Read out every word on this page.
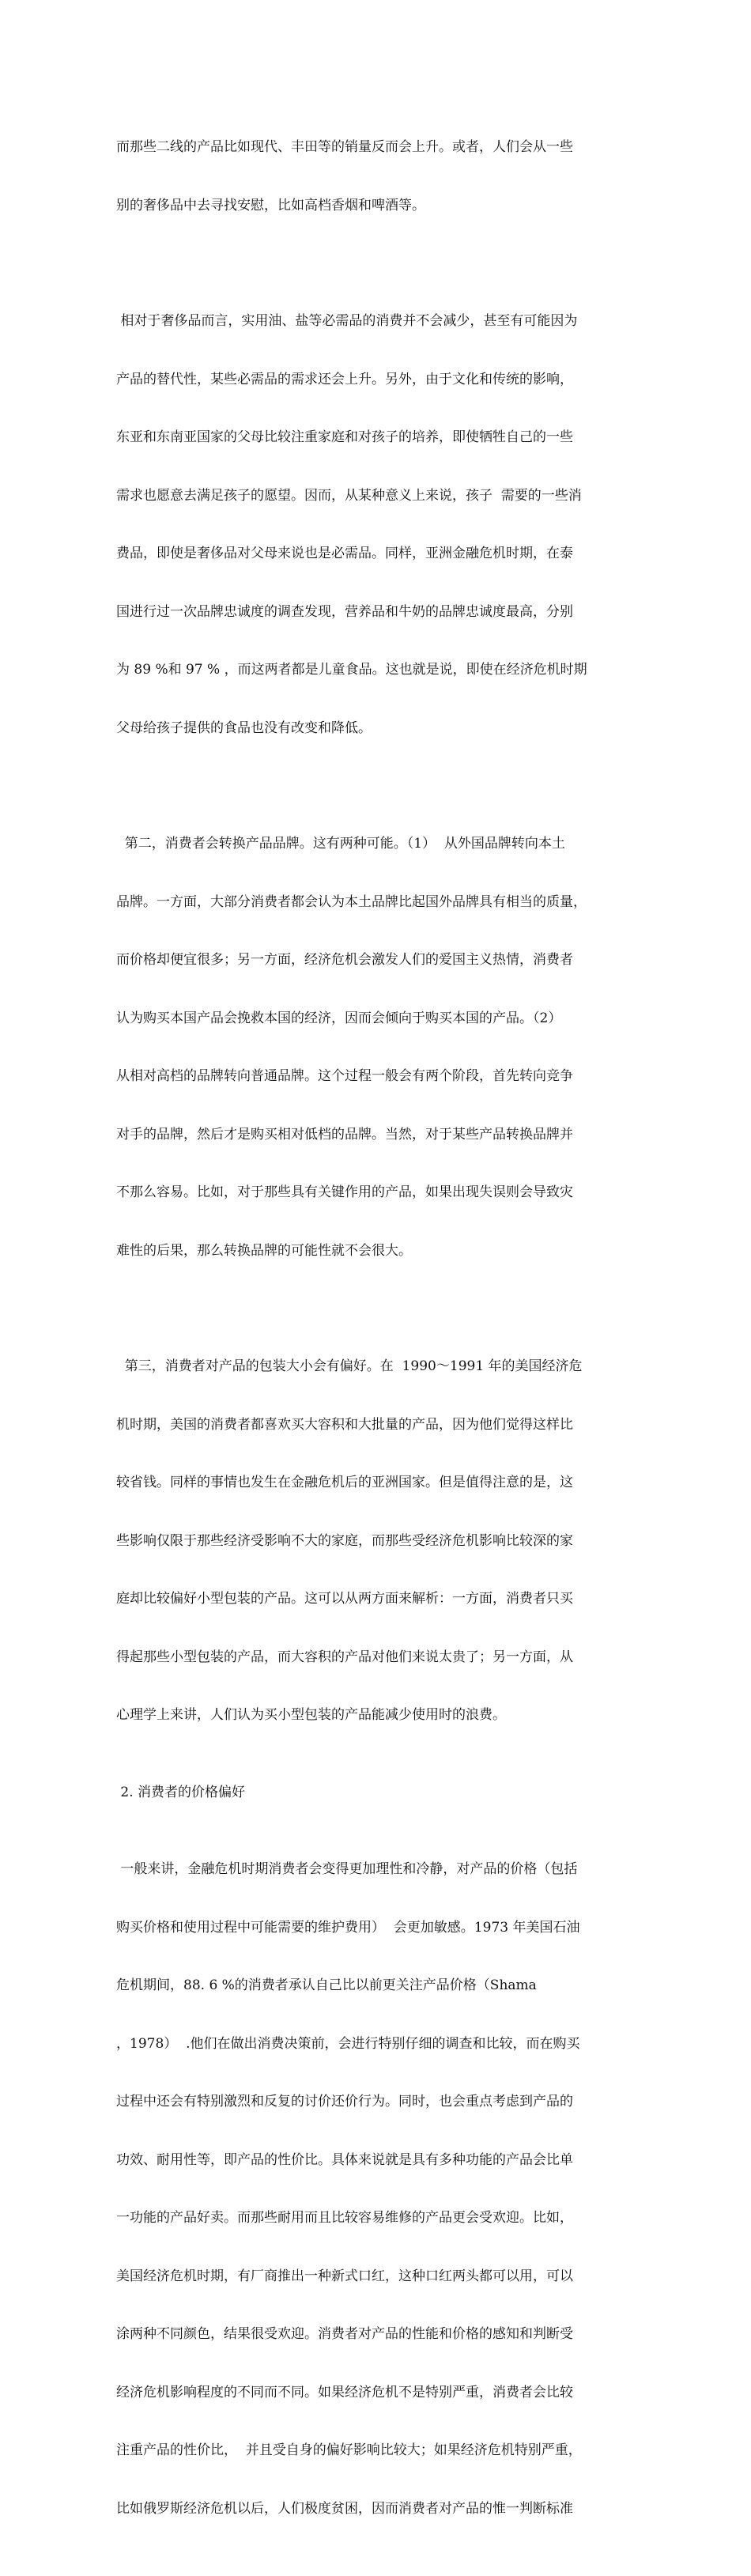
而那些二线的产品比如现代、丰田等的销量反而会上升。或者，人们会从一些

别的奢侈品中去寻找安慰，比如高档香烟和啤酒等。

相对于奢侈品而言，实用油、盐等必需品的消费并不会减少，甚至有可能因为

产品的替代性，某些必需品的需求还会上升。另外，由于文化和传统的影响，

东亚和东南亚国家的父母比较注重家庭和对孩子的培养，即使牺牲自己的一些

需求也愿意去满足孩子的愿望。因而，从某种意义上来说，孩子  需要的一些消

费品，即使是奢侈品对父母来说也是必需品。同样，亚洲金融危机时期，在泰

国进行过一次品牌忠诚度的调查发现，营养品和牛奶的品牌忠诚度最高，分别

为 89 %和 97 % ，而这两者都是儿童食品。这也就是说，即使在经济危机时期

父母给孩子提供的食品也没有改变和降低。

第二，消费者会转换产品品牌。这有两种可能。（1）  从外国品牌转向本土

品牌。一方面，大部分消费者都会认为本土品牌比起国外品牌具有相当的质量，

而价格却便宜很多；另一方面，经济危机会激发人们的爱国主义热情，消费者

认为购买本国产品会挽救本国的经济，因而会倾向于购买本国的产品。（2）

从相对高档的品牌转向普通品牌。这个过程一般会有两个阶段，首先转向竞争

对手的品牌，然后才是购买相对低档的品牌。当然，对于某些产品转换品牌并

不那么容易。比如，对于那些具有关键作用的产品，如果出现失误则会导致灾

难性的后果，那么转换品牌的可能性就不会很大。

第三，消费者对产品的包装大小会有偏好。在  1990～1991 年的美国经济危

机时期，美国的消费者都喜欢买大容积和大批量的产品，因为他们觉得这样比

较省钱。同样的事情也发生在金融危机后的亚洲国家。但是值得注意的是，这

些影响仅限于那些经济受影响不大的家庭，而那些受经济危机影响比较深的家

庭却比较偏好小型包装的产品。这可以从两方面来解析：一方面，消费者只买

得起那些小型包装的产品，而大容积的产品对他们来说太贵了；另一方面，从

心理学上来讲，人们认为买小型包装的产品能减少使用时的浪费。

2. 消费者的价格偏好

一般来讲，金融危机时期消费者会变得更加理性和冷静，对产品的价格（包括

购买价格和使用过程中可能需要的维护费用）  会更加敏感。1973 年美国石油

危机期间，88. 6 %的消费者承认自己比以前更关注产品价格（Shama

，1978）  .他们在做出消费决策前，会进行特别仔细的调查和比较，而在购买

过程中还会有特别激烈和反复的讨价还价行为。同时，也会重点考虑到产品的

功效、耐用性等，即产品的性价比。具体来说就是具有多种功能的产品会比单

一功能的产品好卖。而那些耐用而且比较容易维修的产品更会受欢迎。比如，

美国经济危机时期，有厂商推出一种新式口红，这种口红两头都可以用，可以

涂两种不同颜色，结果很受欢迎。消费者对产品的性能和价格的感知和判断受

经济危机影响程度的不同而不同。如果经济危机不是特别严重，消费者会比较

注重产品的性价比，  并且受自身的偏好影响比较大；如果经济危机特别严重，

比如俄罗斯经济危机以后，人们极度贫困，因而消费者对产品的惟一判断标准
